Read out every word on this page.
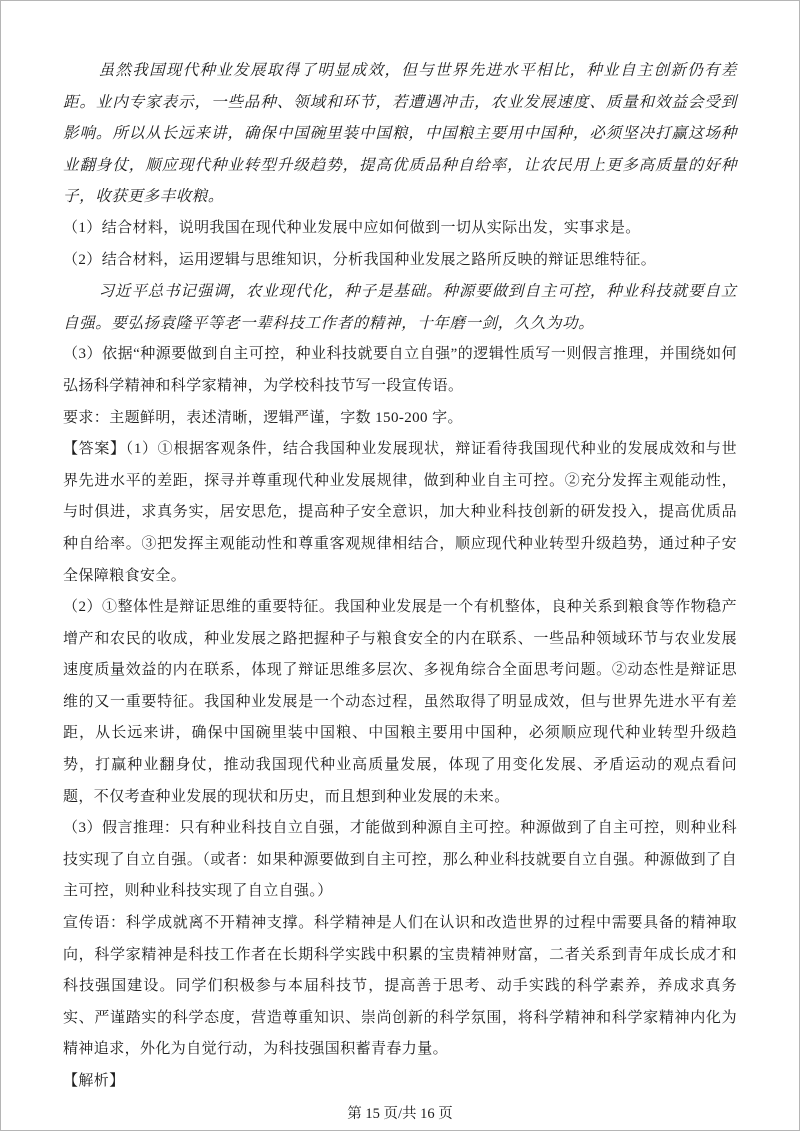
虽然我国现代种业发展取得了明显成效，但与世界先进水平相比，种业自主创新仍有差距。业内专家表示，一些品种、领域和环节，若遭遇冲击，农业发展速度、质量和效益会受到影响。所以从长远来讲，确保中国碗里装中国粮，中国粮主要用中国种，必须坚决打赢这场种业翻身仗，顺应现代种业转型升级趋势，提高优质品种自给率，让农民用上更多高质量的好种子，收获更多丰收粮。

（1）结合材料，说明我国在现代种业发展中应如何做到一切从实际出发，实事求是。

（2）结合材料，运用逻辑与思维知识，分析我国种业发展之路所反映的辩证思维特征。

习近平总书记强调，农业现代化，种子是基础。种源要做到自主可控，种业科技就要自立自强。要弘扬袁隆平等老一辈科技工作者的精神，十年磨一剑，久久为功。

（3）依据“种源要做到自主可控，种业科技就要自立自强”的逻辑性质写一则假言推理，并围绕如何弘扬科学精神和科学家精神，为学校科技节写一段宣传语。

要求：主题鲜明，表述清晰，逻辑严谨，字数 150-200 字。

【答案】（1）①根据客观条件，结合我国种业发展现状，辩证看待我国现代种业的发展成效和与世界先进水平的差距，探寻并尊重现代种业发展规律，做到种业自主可控。②充分发挥主观能动性，与时俱进，求真务实，居安思危，提高种子安全意识，加大种业科技创新的研发投入，提高优质品种自给率。③把发挥主观能动性和尊重客观规律相结合，顺应现代种业转型升级趋势，通过种子安全保障粮食安全。

（2）①整体性是辩证思维的重要特征。我国种业发展是一个有机整体，良种关系到粮食等作物稳产增产和农民的收成，种业发展之路把握种子与粮食安全的内在联系、一些品种领域环节与农业发展速度质量效益的内在联系，体现了辩证思维多层次、多视角综合全面思考问题。②动态性是辩证思维的又一重要特征。我国种业发展是一个动态过程，虽然取得了明显成效，但与世界先进水平有差距，从长远来讲，确保中国碗里装中国粮、中国粮主要用中国种，必须顺应现代种业转型升级趋势，打赢种业翻身仗，推动我国现代种业高质量发展，体现了用变化发展、矛盾运动的观点看问题，不仅考查种业发展的现状和历史，而且想到种业发展的未来。

（3）假言推理：只有种业科技自立自强，才能做到种源自主可控。种源做到了自主可控，则种业科技实现了自立自强。（或者：如果种源要做到自主可控，那么种业科技就要自立自强。种源做到了自主可控，则种业科技实现了自立自强。）

宣传语：科学成就离不开精神支撑。科学精神是人们在认识和改造世界的过程中需要具备的精神取向，科学家精神是科技工作者在长期科学实践中积累的宝贵精神财富，二者关系到青年成长成才和科技强国建设。同学们积极参与本届科技节，提高善于思考、动手实践的科学素养，养成求真务实、严谨踏实的科学态度，营造尊重知识、崇尚创新的科学氛围，将科学精神和科学家精神内化为精神追求，外化为自觉行动，为科技强国积蓄青春力量。

【解析】

第 15 页/共 16 页
